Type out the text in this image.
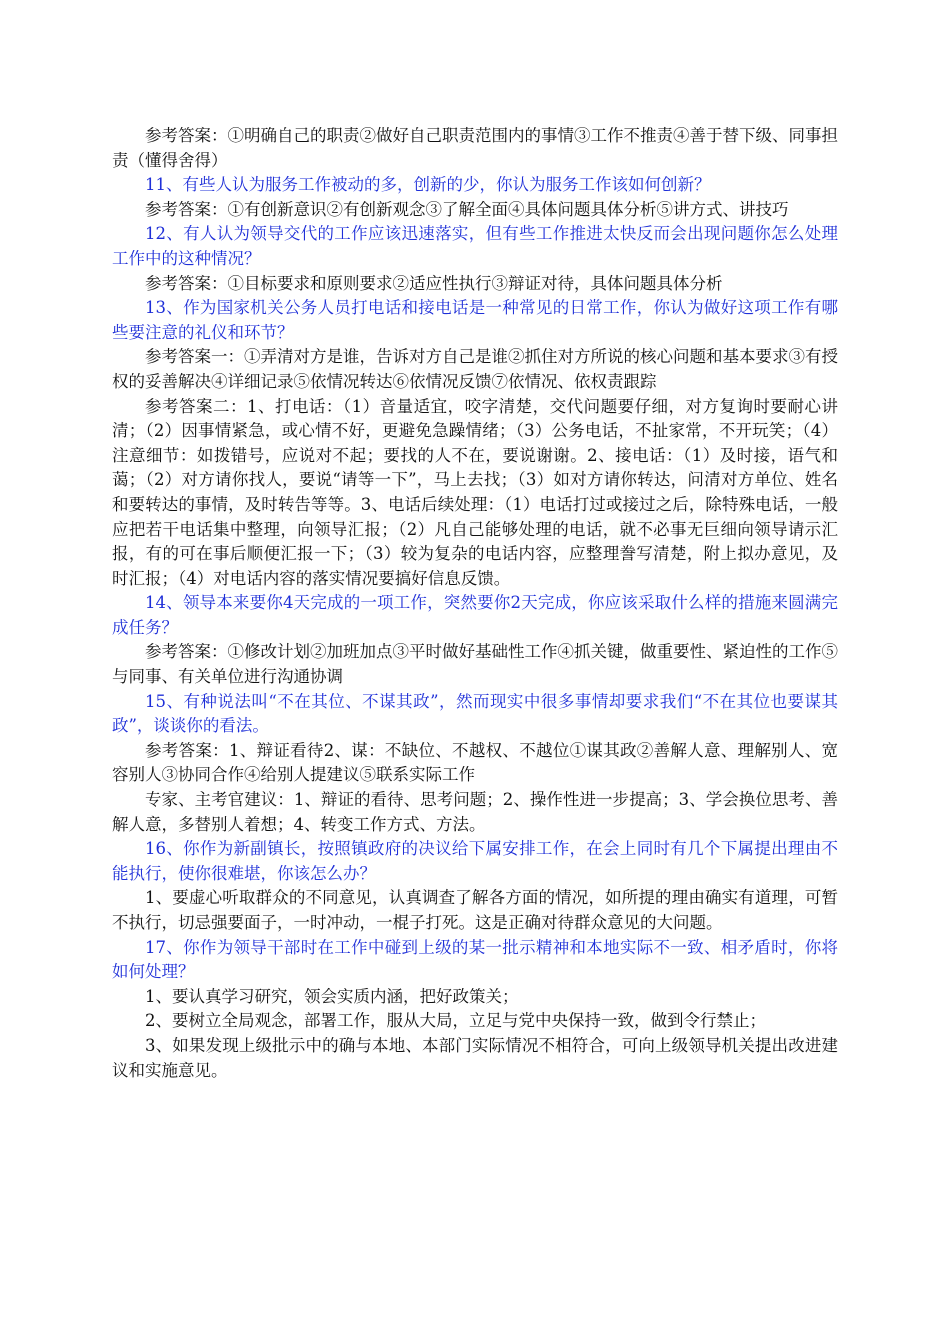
参考答案：①明确自己的职责②做好自己职责范围内的事情③工作不推责④善于替下级、同事担责（懂得舍得）

11、有些人认为服务工作被动的多，创新的少，你认为服务工作该如何创新？

参考答案：①有创新意识②有创新观念③了解全面④具体问题具体分析⑤讲方式、讲技巧

12、有人认为领导交代的工作应该迅速落实，但有些工作推进太快反而会出现问题你怎么处理工作中的这种情况？

参考答案：①目标要求和原则要求②适应性执行③辩证对待，具体问题具体分析

13、作为国家机关公务人员打电话和接电话是一种常见的日常工作，你认为做好这项工作有哪些要注意的礼仪和环节？

参考答案一：①弄清对方是谁，告诉对方自己是谁②抓住对方所说的核心问题和基本要求③有授权的妥善解决④详细记录⑤依情况转达⑥依情况反馈⑦依情况、依权责跟踪

参考答案二：1、打电话：（1）音量适宜，咬字清楚，交代问题要仔细，对方复询时要耐心讲清；（2）因事情紧急，或心情不好，更避免急躁情绪；（3）公务电话，不扯家常，不开玩笑；（4）注意细节：如拨错号，应说对不起；要找的人不在，要说谢谢。2、接电话：（1）及时接，语气和蔼；（2）对方请你找人，要说“请等一下”，马上去找；（3）如对方请你转达，问清对方单位、姓名和要转达的事情，及时转告等等。3、电话后续处理：（1）电话打过或接过之后，除特殊电话，一般应把若干电话集中整理，向领导汇报；（2）凡自己能够处理的电话，就不必事无巨细向领导请示汇报，有的可在事后顺便汇报一下；（3）较为复杂的电话内容，应整理誊写清楚，附上拟办意见，及时汇报；（4）对电话内容的落实情况要搞好信息反馈。

14、领导本来要你4天完成的一项工作，突然要你2天完成，你应该采取什么样的措施来圆满完成任务？

参考答案：①修改计划②加班加点③平时做好基础性工作④抓关键，做重要性、紧迫性的工作⑤与同事、有关单位进行沟通协调

15、有种说法叫“不在其位、不谋其政”，然而现实中很多事情却要求我们“不在其位也要谋其政”，谈谈你的看法。

参考答案：1、辩证看待2、谋：不缺位、不越权、不越位①谋其政②善解人意、理解别人、宽容别人③协同合作④给别人提建议⑤联系实际工作

专家、主考官建议：1、辩证的看待、思考问题；2、操作性进一步提高；3、学会换位思考、善解人意，多替别人着想；4、转变工作方式、方法。

16、你作为新副镇长，按照镇政府的决议给下属安排工作，在会上同时有几个下属提出理由不能执行，使你很难堪，你该怎么办？

1、要虚心听取群众的不同意见，认真调查了解各方面的情况，如所提的理由确实有道理，可暂不执行，切忌强要面子，一时冲动，一棍子打死。这是正确对待群众意见的大问题。

17、你作为领导干部时在工作中碰到上级的某一批示精神和本地实际不一致、相矛盾时，你将如何处理？

1、要认真学习研究，领会实质内涵，把好政策关；

2、要树立全局观念，部署工作，服从大局，立足与党中央保持一致，做到令行禁止；

3、如果发现上级批示中的确与本地、本部门实际情况不相符合，可向上级领导机关提出改进建议和实施意见。
